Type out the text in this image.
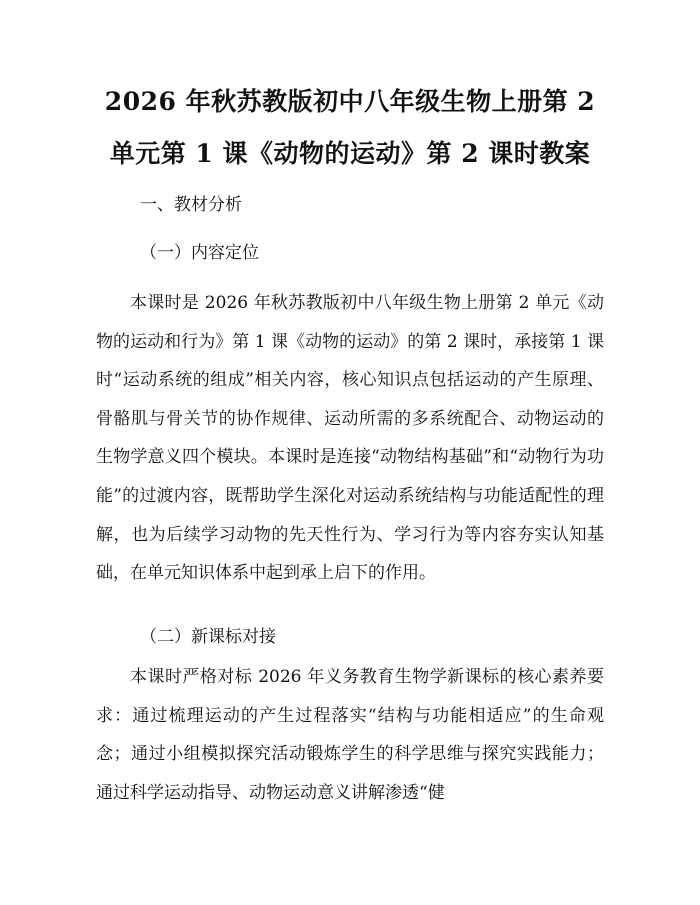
2026 年秋苏教版初中八年级生物上册第 2 单元第 1 课《动物的运动》第 2 课时教案

一、教材分析

（一）内容定位

本课时是 2026 年秋苏教版初中八年级生物上册第 2 单元《动物的运动和行为》第 1 课《动物的运动》的第 2 课时，承接第 1 课时“运动系统的组成”相关内容，核心知识点包括运动的产生原理、骨骼肌与骨关节的协作规律、运动所需的多系统配合、动物运动的生物学意义四个模块。本课时是连接“动物结构基础”和“动物行为功能”的过渡内容，既帮助学生深化对运动系统结构与功能适配性的理解，也为后续学习动物的先天性行为、学习行为等内容夯实认知基础，在单元知识体系中起到承上启下的作用。

（二）新课标对接

本课时严格对标 2026 年义务教育生物学新课标的核心素养要求：通过梳理运动的产生过程落实“结构与功能相适应”的生命观念；通过小组模拟探究活动锻炼学生的科学思维与探究实践能力；通过科学运动指导、动物运动意义讲解渗透“健
